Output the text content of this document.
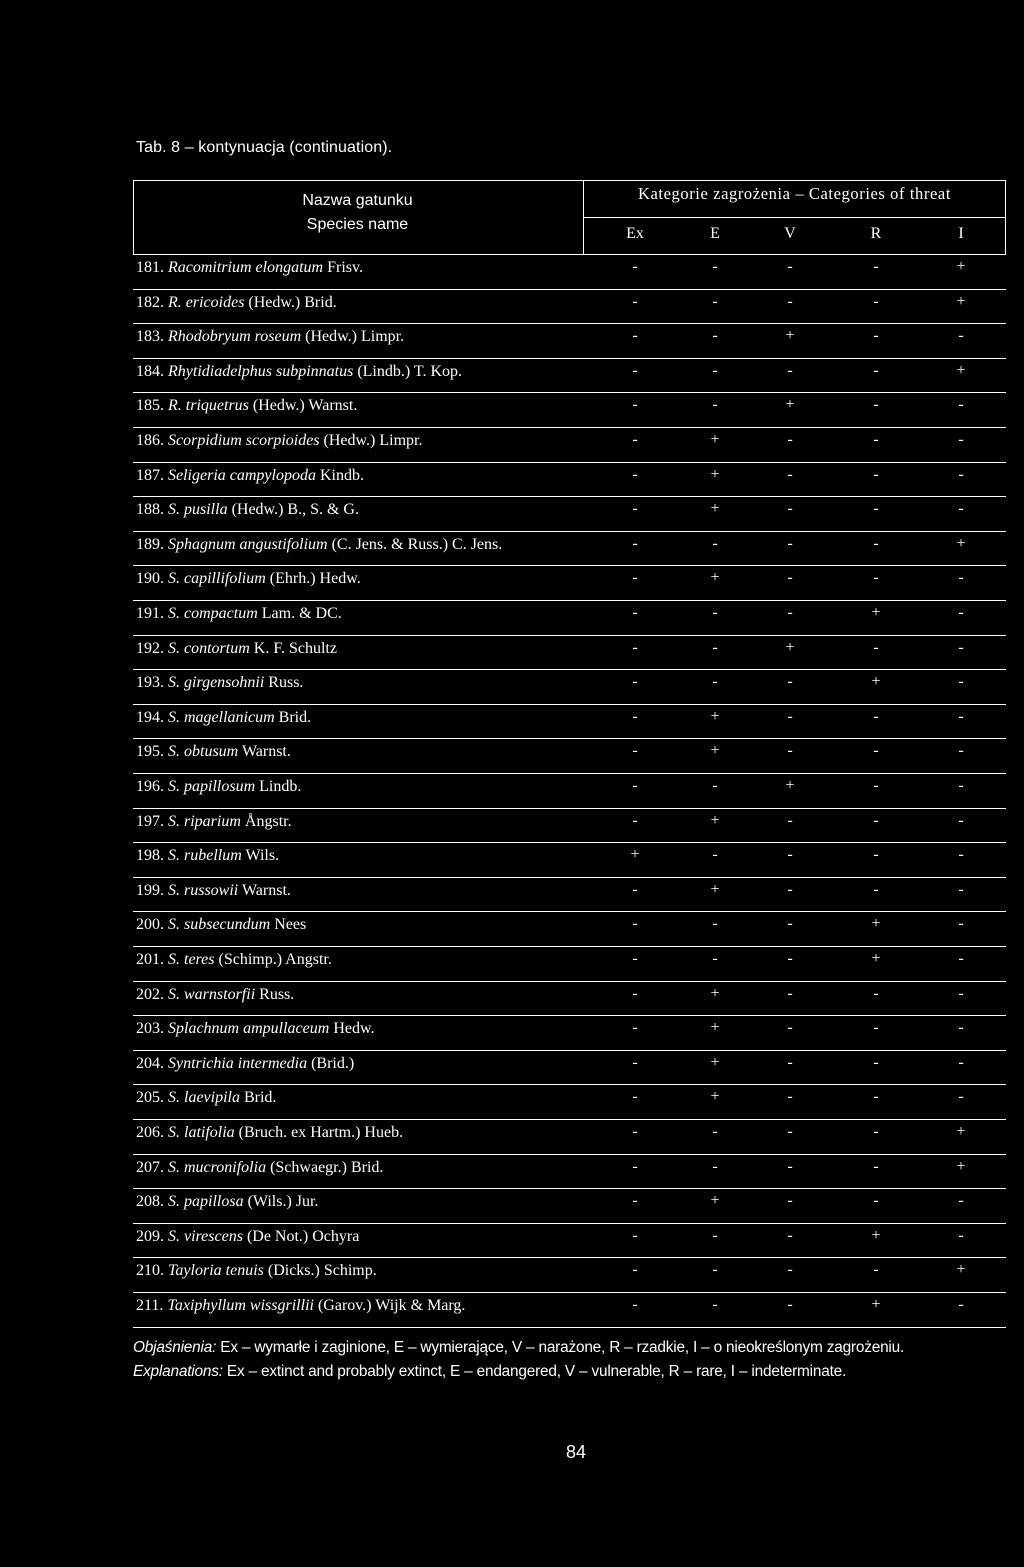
Tab. 8 – kontynuacja (continuation).
Nazwa gatunku
Species name
Kategorie zagrożenia – Categories of threat
Ex	E	V	R	I
181. Racomitrium elongatum Frisv.	-	-	-	-	+
182. R. ericoides (Hedw.) Brid.	-	-	-	-	+
183. Rhodobryum roseum (Hedw.) Limpr.	-	-	+	-	-
184. Rhytidiadelphus subpinnatus (Lindb.) T. Kop.	-	-	-	-	+
185. R. triquetrus (Hedw.) Warnst.	-	-	+	-	-
186. Scorpidium scorpioides (Hedw.) Limpr.	-	+	-	-	-
187. Seligeria campylopoda Kindb.	-	+	-	-	-
188. S. pusilla (Hedw.) B., S. & G.	-	+	-	-	-
189. Sphagnum angustifolium (C. Jens. & Russ.) C. Jens.	-	-	-	-	+
190. S. capillifolium (Ehrh.) Hedw.	-	+	-	-	-
191. S. compactum Lam. & DC.	-	-	-	+	-
192. S. contortum K. F. Schultz	-	-	+	-	-
193. S. girgensohnii Russ.	-	-	-	+	-
194. S. magellanicum Brid.	-	+	-	-	-
195. S. obtusum Warnst.	-	+	-	-	-
196. S. papillosum Lindb.	-	-	+	-	-
197. S. riparium Ångstr.	-	+	-	-	-
198. S. rubellum Wils.	+	-	-	-	-
199. S. russowii Warnst.	-	+	-	-	-
200. S. subsecundum Nees	-	-	-	+	-
201. S. teres (Schimp.) Angstr.	-	-	-	+	-
202. S. warnstorfii Russ.	-	+	-	-	-
203. Splachnum ampullaceum Hedw.	-	+	-	-	-
204. Syntrichia intermedia (Brid.)	-	+	-	-	-
205. S. laevipila Brid.	-	+	-	-	-
206. S. latifolia (Bruch. ex Hartm.) Hueb.	-	-	-	-	+
207. S. mucronifolia (Schwaegr.) Brid.	-	-	-	-	+
208. S. papillosa (Wils.) Jur.	-	+	-	-	-
209. S. virescens (De Not.) Ochyra	-	-	-	+	-
210. Tayloria tenuis (Dicks.) Schimp.	-	-	-	-	+
211. Taxiphyllum wissgrillii (Garov.) Wijk & Marg.	-	-	-	+	-
Objaśnienia: Ex – wymarłe i zaginione, E – wymierające, V – narażone, R – rzadkie, I – o nieokreślonym zagrożeniu.
Explanations: Ex – extinct and probably extinct, E – endangered, V – vulnerable, R – rare, I – indeterminate.
84
